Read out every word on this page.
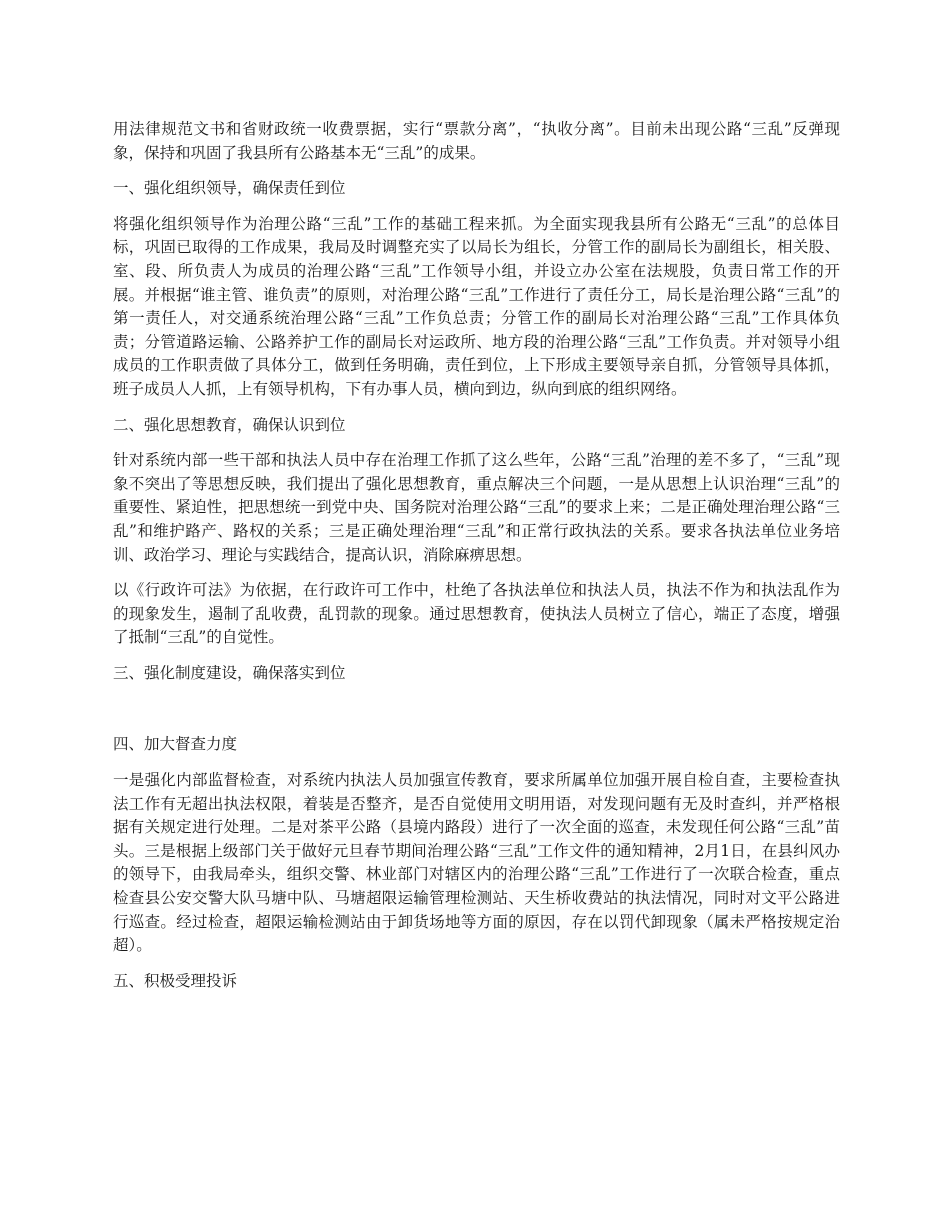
用法律规范文书和省财政统一收费票据，实行“票款分离”，“执收分离”。目前未出现公路“三乱”反弹现象，保持和巩固了我县所有公路基本无“三乱”的成果。

一、强化组织领导，确保责任到位

将强化组织领导作为治理公路“三乱”工作的基础工程来抓。为全面实现我县所有公路无“三乱”的总体目标，巩固已取得的工作成果，我局及时调整充实了以局长为组长，分管工作的副局长为副组长，相关股、室、段、所负责人为成员的治理公路“三乱”工作领导小组，并设立办公室在法规股，负责日常工作的开展。并根据“谁主管、谁负责”的原则，对治理公路“三乱”工作进行了责任分工，局长是治理公路“三乱”的第一责任人，对交通系统治理公路“三乱”工作负总责；分管工作的副局长对治理公路“三乱”工作具体负责；分管道路运输、公路养护工作的副局长对运政所、地方段的治理公路“三乱”工作负责。并对领导小组成员的工作职责做了具体分工，做到任务明确，责任到位，上下形成主要领导亲自抓，分管领导具体抓，班子成员人人抓，上有领导机构，下有办事人员，横向到边，纵向到底的组织网络。

二、强化思想教育，确保认识到位

针对系统内部一些干部和执法人员中存在治理工作抓了这么些年，公路“三乱”治理的差不多了，“三乱”现象不突出了等思想反映，我们提出了强化思想教育，重点解决三个问题，一是从思想上认识治理“三乱”的重要性、紧迫性，把思想统一到党中央、国务院对治理公路“三乱”的要求上来；二是正确处理治理公路“三乱”和维护路产、路权的关系；三是正确处理治理“三乱”和正常行政执法的关系。要求各执法单位业务培训、政治学习、理论与实践结合，提高认识，消除麻痹思想。

以《行政许可法》为依据，在行政许可工作中，杜绝了各执法单位和执法人员，执法不作为和执法乱作为的现象发生，遏制了乱收费，乱罚款的现象。通过思想教育，使执法人员树立了信心，端正了态度，增强了抵制“三乱”的自觉性。

三、强化制度建设，确保落实到位

四、加大督查力度

一是强化内部监督检查，对系统内执法人员加强宣传教育，要求所属单位加强开展自检自查，主要检查执法工作有无超出执法权限，着装是否整齐，是否自觉使用文明用语，对发现问题有无及时查纠，并严格根据有关规定进行处理。二是对茶平公路（县境内路段）进行了一次全面的巡查，未发现任何公路“三乱”苗头。三是根据上级部门关于做好元旦春节期间治理公路“三乱”工作文件的通知精神，2月1日，在县纠风办的领导下，由我局牵头，组织交警、林业部门对辖区内的治理公路“三乱”工作进行了一次联合检查，重点检查县公安交警大队马塘中队、马塘超限运输管理检测站、天生桥收费站的执法情况，同时对文平公路进行巡查。经过检查，超限运输检测站由于卸货场地等方面的原因，存在以罚代卸现象（属未严格按规定治超）。

五、积极受理投诉
